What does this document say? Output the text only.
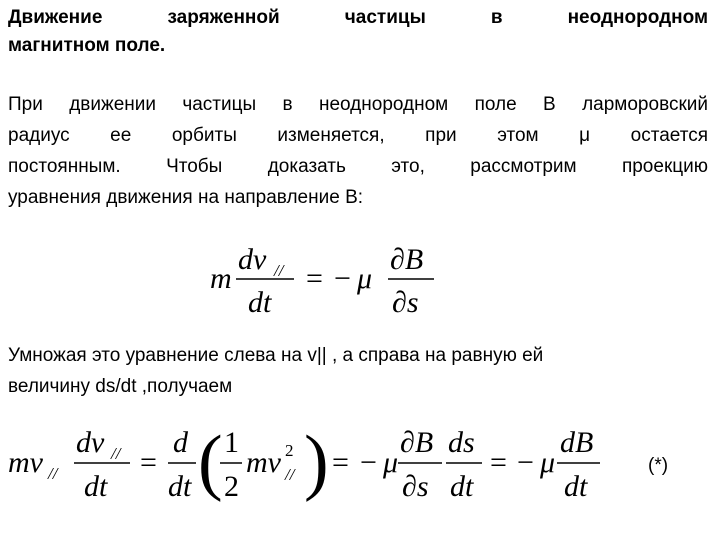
Движение	заряженной	частицы	в	неоднородном
магнитном поле.
При движении частицы в неоднородном поле B ларморовский
радиус ее орбиты изменяется, при этом μ остается
постоянным. Чтобы доказать это, рассмотрим проекцию
уравнения движения на направление B:
m
dv //
dt
= − μ
∂B
∂s
Умножая это уравнение слева на v|| , а справа на равную ей
величину ds/dt ,получаем
mv //
dv //
dt
=
d
dt ( 1
2
mv 2
// ) = − μ
∂B
∂s
ds
dt
= − μ
dB
dt
(*)
